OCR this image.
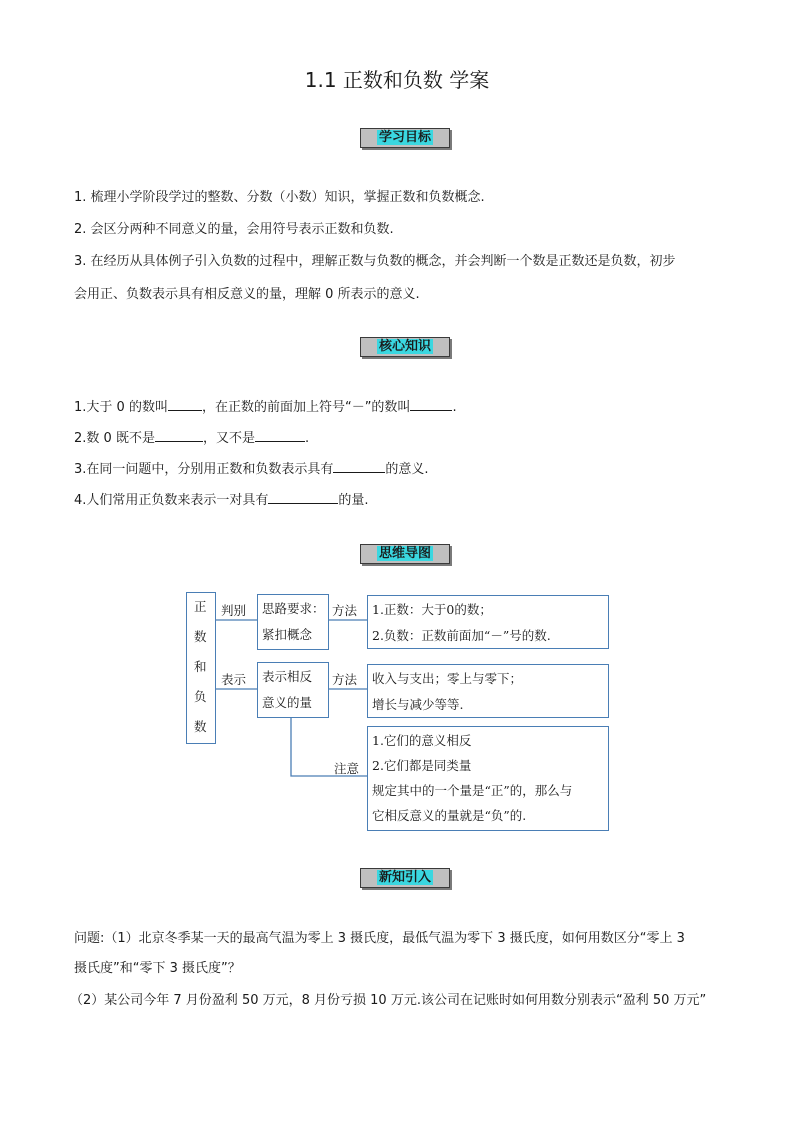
1.1 正数和负数 学案
学习目标
1. 梳理小学阶段学过的整数、分数（小数）知识，掌握正数和负数概念.
2. 会区分两种不同意义的量，会用符号表示正数和负数.
3. 在经历从具体例子引入负数的过程中，理解正数与负数的概念，并会判断一个数是正数还是负数，初步
会用正、负数表示具有相反意义的量，理解 0 所表示的意义.
核心知识
1.大于 0 的数叫	，在正数的前面加上符号“－”的数叫	.
2.数 0 既不是	，又不是	.
3.在同一问题中，分别用正数和负数表示具有	的意义.
4.人们常用正负数来表示一对具有	的量.
思维导图
正
数
和
负
数
判别
表示
方法
方法
注意
思路要求：
紧扣概念
表示相反
意义的量
1.正数：大于0的数；
2.负数：正数前面加“－”号的数.
收入与支出；零上与零下；
增长与减少等等.
1.它们的意义相反
2.它们都是同类量
规定其中的一个量是“正”的，那么与
它相反意义的量就是“负”的.
新知引入
问题:（1）北京冬季某一天的最高气温为零上 3 摄氏度，最低气温为零下 3 摄氏度，如何用数区分“零上 3
摄氏度”和“零下 3 摄氏度”？
（2）某公司今年 7 月份盈利 50 万元，8 月份亏损 10 万元.该公司在记账时如何用数分别表示“盈利 50 万元”
